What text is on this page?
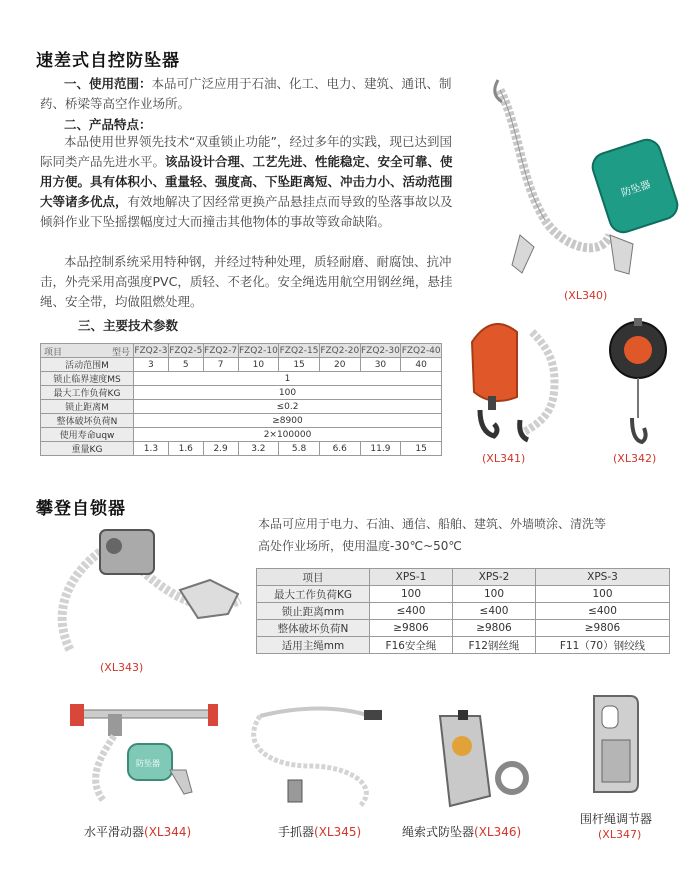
速差式自控防坠器
一、使用范围：本品可广泛应用于石油、化工、电力、建筑、通讯、制药、桥梁等高空作业场所。
二、产品特点：
本品使用世界领先技术“双重锁止功能”，经过多年的实践，现已达到国际同类产品先进水平。该品设计合理、工艺先进、性能稳定、安全可靠、使用方便。具有体积小、重量轻、强度高、下坠距离短、冲击力小、活动范围大等诸多优点，有效地解决了因经常更换产品悬挂点而导致的坠落事故以及倾斜作业下坠摇摆幅度过大而撞击其他物体的事故等致命缺陷。
本品控制系统采用特种钢，并经过特种处理，质轻耐磨、耐腐蚀、抗冲击，外壳采用高强度PVC，质轻、不老化。安全绳选用航空用钢丝绳，悬挂绳、安全带，均做阻燃处理。
三、主要技术参数
项目 型号	FZQ2-3	FZQ2-5	FZQ2-7	FZQ2-10	FZQ2-15	FZQ2-20	FZQ2-30	FZQ2-40
活动范围M	3	5	7	10	15	20	30	40
锁止临界速度MS	1							
最大工作负荷KG	100							
锁止距离M	≤0.2							
整体破坏负荷N	≥8900							
使用寿命uqw	2×100000							
重量KG	1.3	1.6	2.9	3.2	5.8	6.6	11.9	15
防坠器
(XL340)
(XL341)	(XL342)
攀登自锁器
本品可应用于电力、石油、通信、船舶、建筑、外墙喷涂、清洗等
高处作业场所，使用温度-30℃~50℃
(XL343)
项目	XPS-1	XPS-2	XPS-3
最大工作负荷KG	100	100	100
锁止距离mm	≤400	≤400	≤400
整体破坏负荷N	≥9806	≥9806	≥9806
适用主绳mm	F16安全绳	F12钢丝绳	F11（70）钢绞线
防坠器
水平滑动器(XL344)	手抓器(XL345)	绳索式防坠器(XL346)
围杆绳调节器
(XL347)
